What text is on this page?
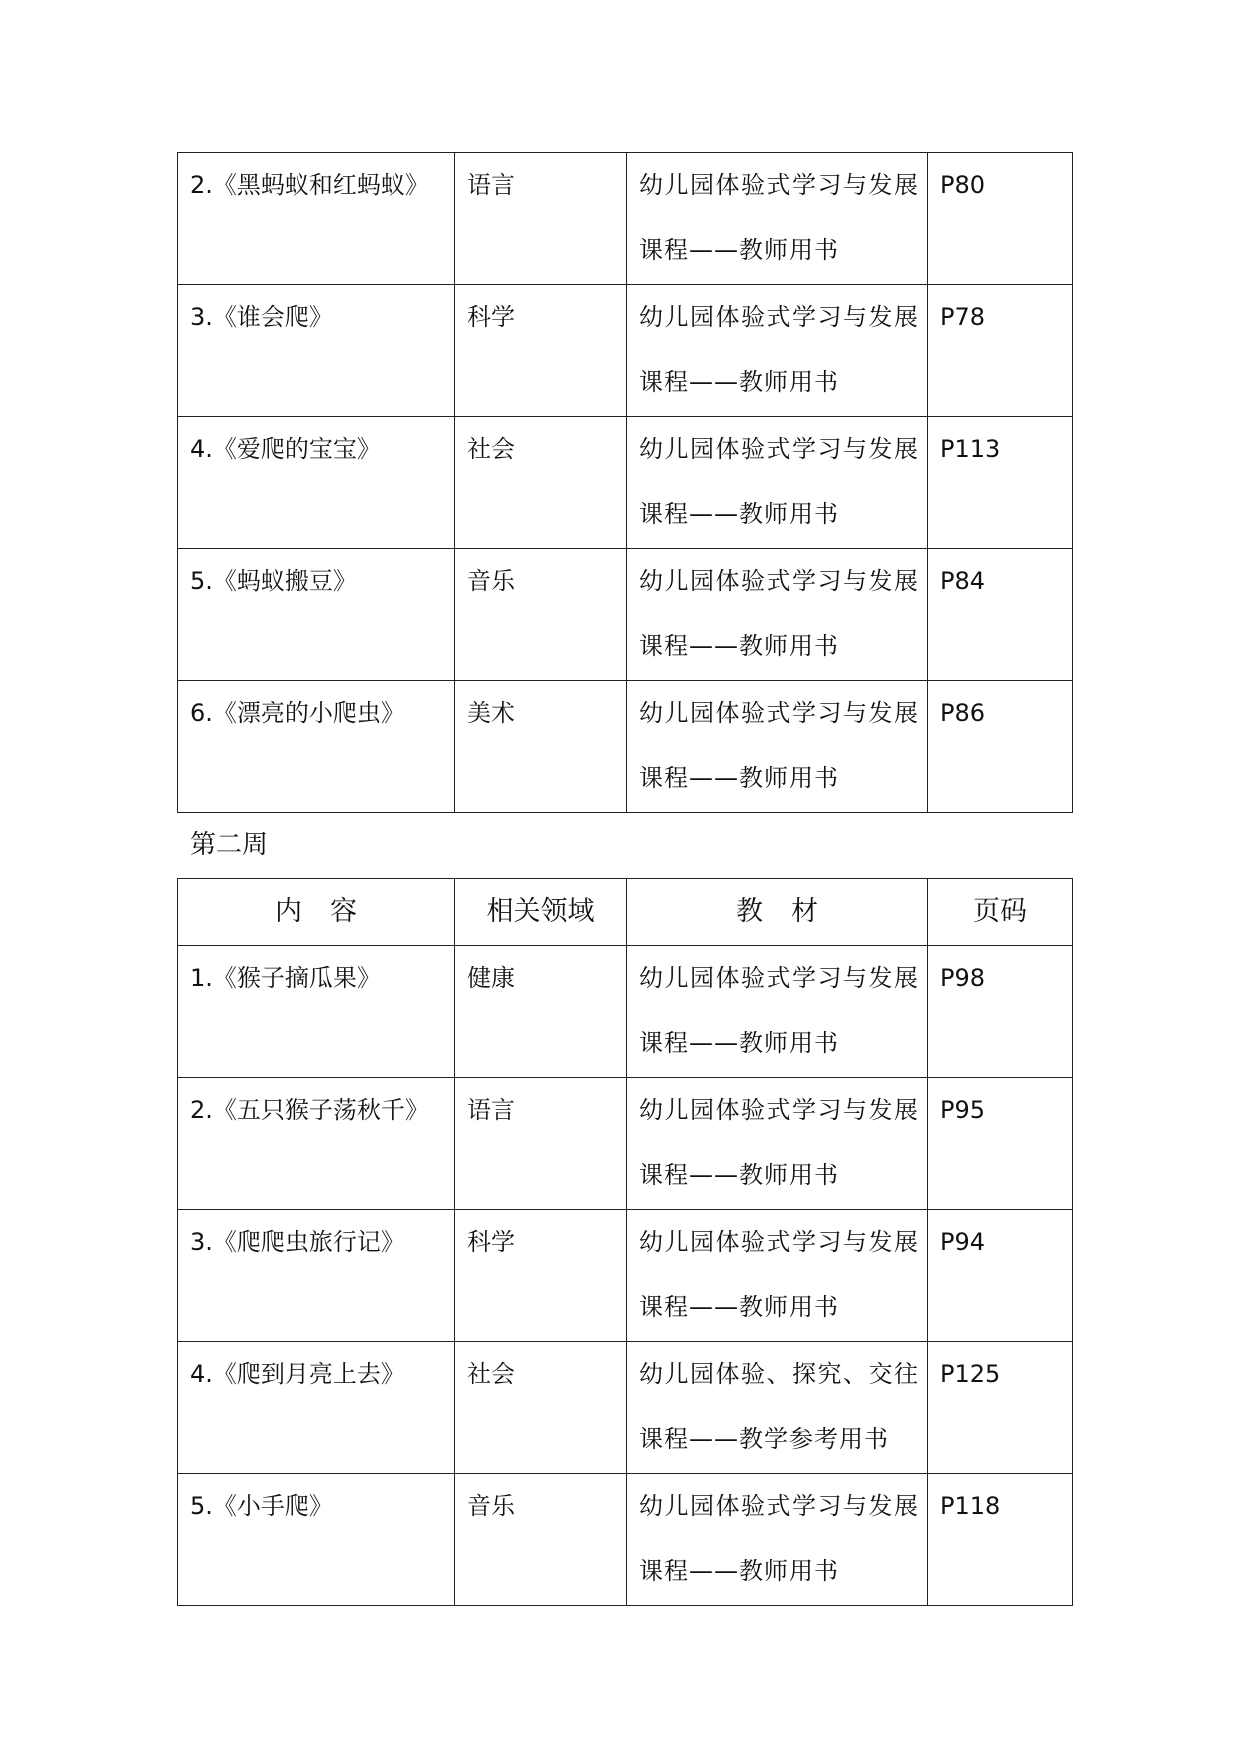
2.《黑蚂蚁和红蚂蚁》	语言	幼儿园体验式学习与发展
课程——教师用书	P80

3.《谁会爬》	科学	幼儿园体验式学习与发展
课程——教师用书	P78

4.《爱爬的宝宝》	社会	幼儿园体验式学习与发展
课程——教师用书	P113

5.《蚂蚁搬豆》	音乐	幼儿园体验式学习与发展
课程——教师用书	P84

6.《漂亮的小爬虫》	美术	幼儿园体验式学习与发展
课程——教师用书	P86
第二周
内容	相关领域	教材	页码

1.《猴子摘瓜果》	健康	幼儿园体验式学习与发展
课程——教师用书	P98

2.《五只猴子荡秋千》	语言	幼儿园体验式学习与发展
课程——教师用书	P95

3.《爬爬虫旅行记》	科学	幼儿园体验式学习与发展
课程——教师用书	P94

4.《爬到月亮上去》	社会	幼儿园体验、探究、交往
课程——教学参考用书	P125

5.《小手爬》	音乐	幼儿园体验式学习与发展
课程——教师用书	P118
